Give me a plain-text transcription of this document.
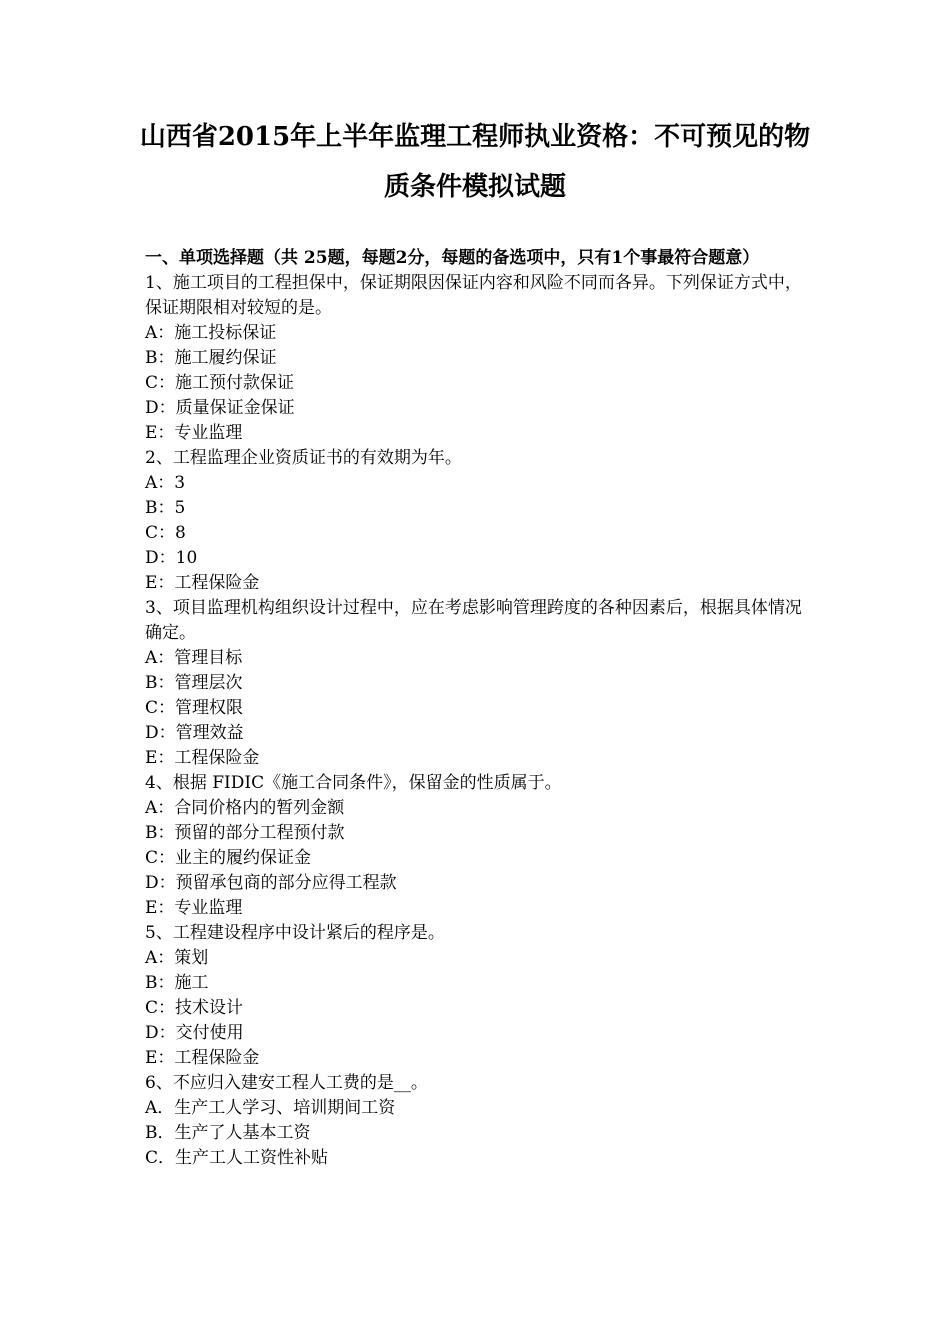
山西省2015年上半年监理工程师执业资格：不可预见的物
质条件模拟试题
一、单项选择题（共 25题，每题2分，每题的备选项中，只有1个事最符合题意）
1、施工项目的工程担保中，保证期限因保证内容和风险不同而各异。下列保证方式中，保证期限相对较短的是。
A：施工投标保证
B：施工履约保证
C：施工预付款保证
D：质量保证金保证
E：专业监理
2、工程监理企业资质证书的有效期为年。
A：3
B：5
C：8
D：10
E：工程保险金
3、项目监理机构组织设计过程中，应在考虑影响管理跨度的各种因素后，根据具体情况确定。
A：管理目标
B：管理层次
C：管理权限
D：管理效益
E：工程保险金
4、根据 FIDIC《施工合同条件》，保留金的性质属于。
A：合同价格内的暂列金额
B：预留的部分工程预付款
C：业主的履约保证金
D：预留承包商的部分应得工程款
E：专业监理
5、工程建设程序中设计紧后的程序是。
A：策划
B：施工
C：技术设计
D：交付使用
E：工程保险金
6、不应归入建安工程人工费的是__。
A．生产工人学习、培训期间工资
B．生产了人基本工资
C．生产工人工资性补贴
